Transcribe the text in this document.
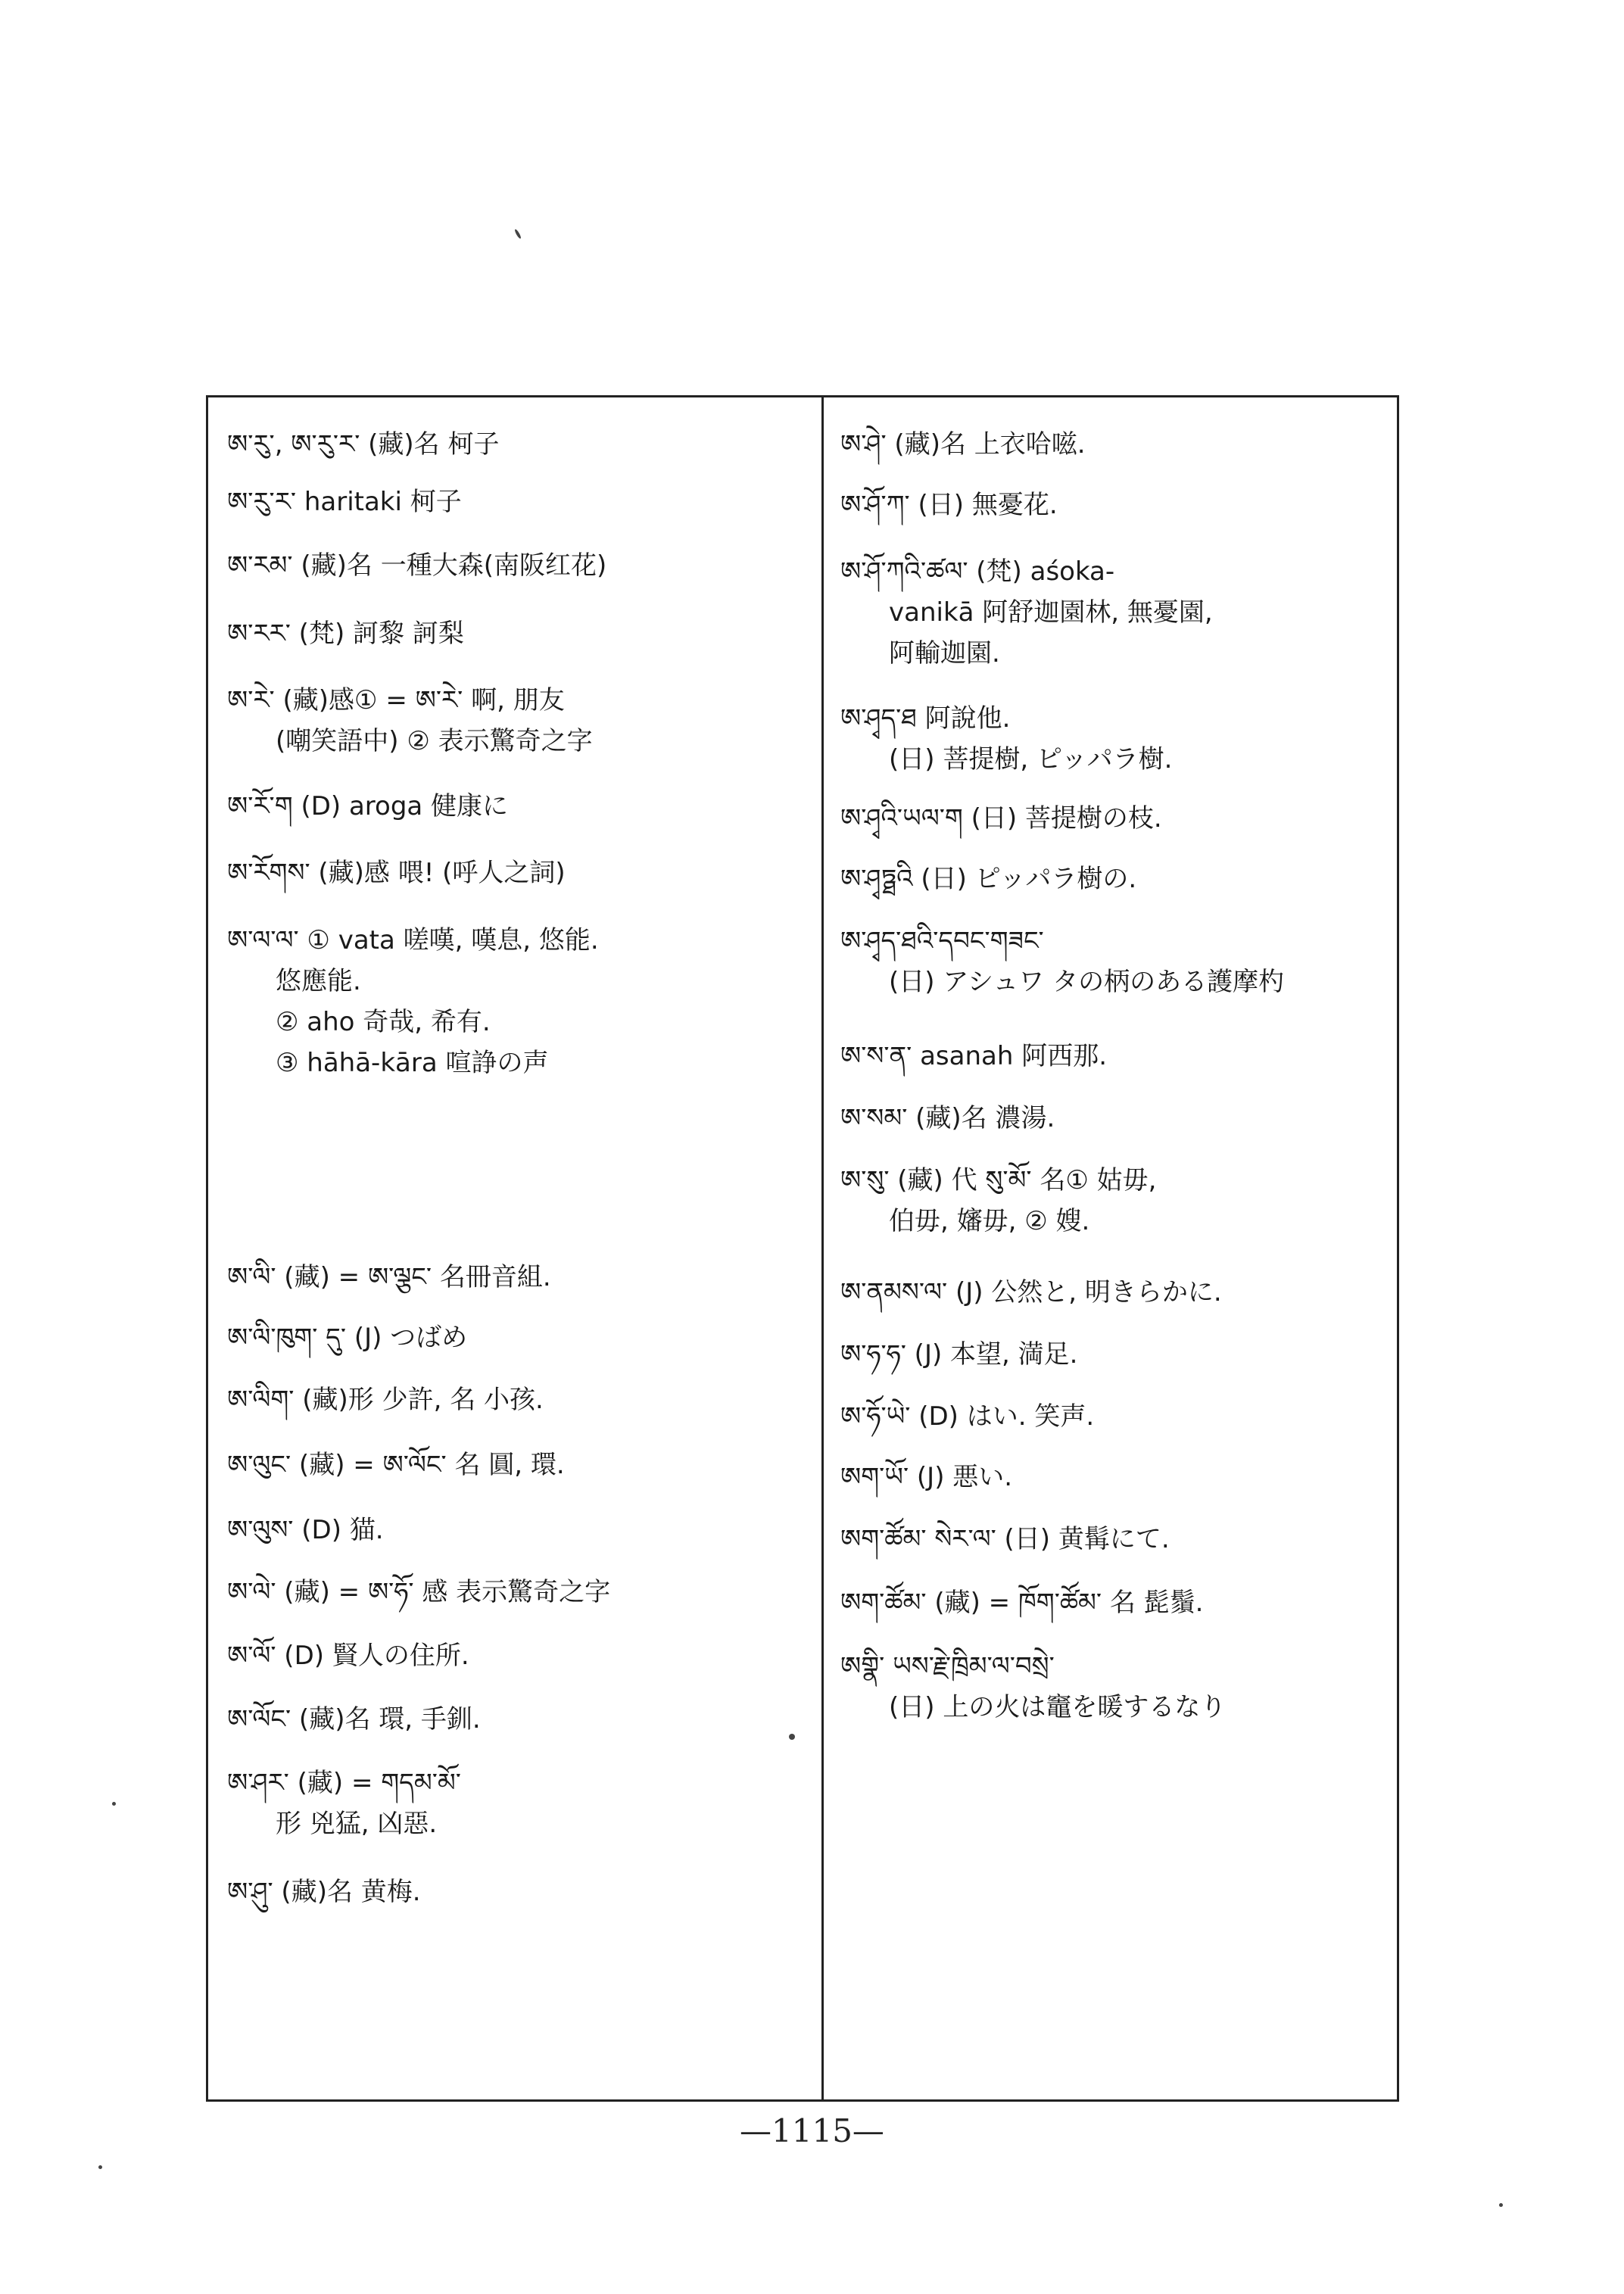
ཨ་རུ་, ཨ་རུ་ར་ (藏)名 柯子
ཨ་རུ་ར་ haritaki 柯子
ཨ་རམ་ (藏)名 一種大森(南阪红花)
ཨ་རར་ (梵) 訶黎 訶梨
ཨ་རེ་ (藏)感① = ཨ་རེ་ 啊, 朋友
(嘲笑語中) ② 表示驚奇之字
ཨ་རོ་ག (D) aroga 健康に
ཨ་རོགས་ (藏)感 喂! (呼人之詞)
ཨ་ལ་ལ་ ① vata 嗟嘆, 嘆息, 悠能.
悠應能.
② aho 奇哉, 希有.
③ hāhā-kāra 喧諍の声
ཨ་ལི་ (藏) = ཨ་ལྕང་ 名冊音組.
ཨ་ལི་ཁུག་ དུ་ (J) つばめ
ཨ་ལིག་ (藏)形 少許, 名 小孩.
ཨ་ལུང་ (藏) = ཨ་ལོང་ 名 圓, 環.
ཨ་ལུས་ (D) 猫.
ཨ་ལེ་ (藏) = ཨ་ཧོ་ 感 表示驚奇之字
ཨ་ལོ་ (D) 賢人の住所.
ཨ་ལོང་ (藏)名 環, 手釧.
ཨ་ཤར་ (藏) = གདམ་མོ་
形 兇猛, 凶惡.
ཨ་ཤུ་ (藏)名 黄梅.
ཨ་ཤེ་ (藏)名 上衣哈嗞.
ཨ་ཤོ་ཀ་ (日) 無憂花.
ཨ་ཤོ་ཀའི་ཚལ་ (梵) aśoka-
vanikā 阿舒迦園林, 無憂園,
阿輸迦園.
ཨ་ཤྭད་ཐ 阿說他.
(日) 菩提樹, ピッパラ樹.
ཨ་ཤྭའི་ཡལ་ག (日) 菩提樹の枝.
ཨ་ཤྭཏྠའི (日) ピッパラ樹の.
ཨ་ཤྭད་ཐའི་དབང་གཟང་
(日) アシュワ タの柄のある護摩杓
ཨ་ས་ན་ asanah 阿西那.
ཨ་སམ་ (藏)名 濃湯.
ཨ་སུ་ (藏) 代 སུ་མོ་ 名① 姑毋,
伯毋, 嬸毋, ② 嫂.
ཨ་ནམས་ལ་ (J) 公然と, 明きらかに.
ཨ་ཧ་ཧ་ (J) 本望, 満足.
ཨ་ཧོ་ཡེ་ (D) はい. 笑声.
ཨག་ཡོ་ (J) 悪い.
ཨག་ཚོམ་ སེར་ལ་ (日) 黄髯にて.
ཨག་ཚོམ་ (藏) = ཁོག་ཚོམ་ 名 髭鬚.
ཨགྣི་ ཡས་རྗེ་ཁྲིམ་ལ་བསྲེ་
(日) 上の火は竈を暖するなり
—1115—
